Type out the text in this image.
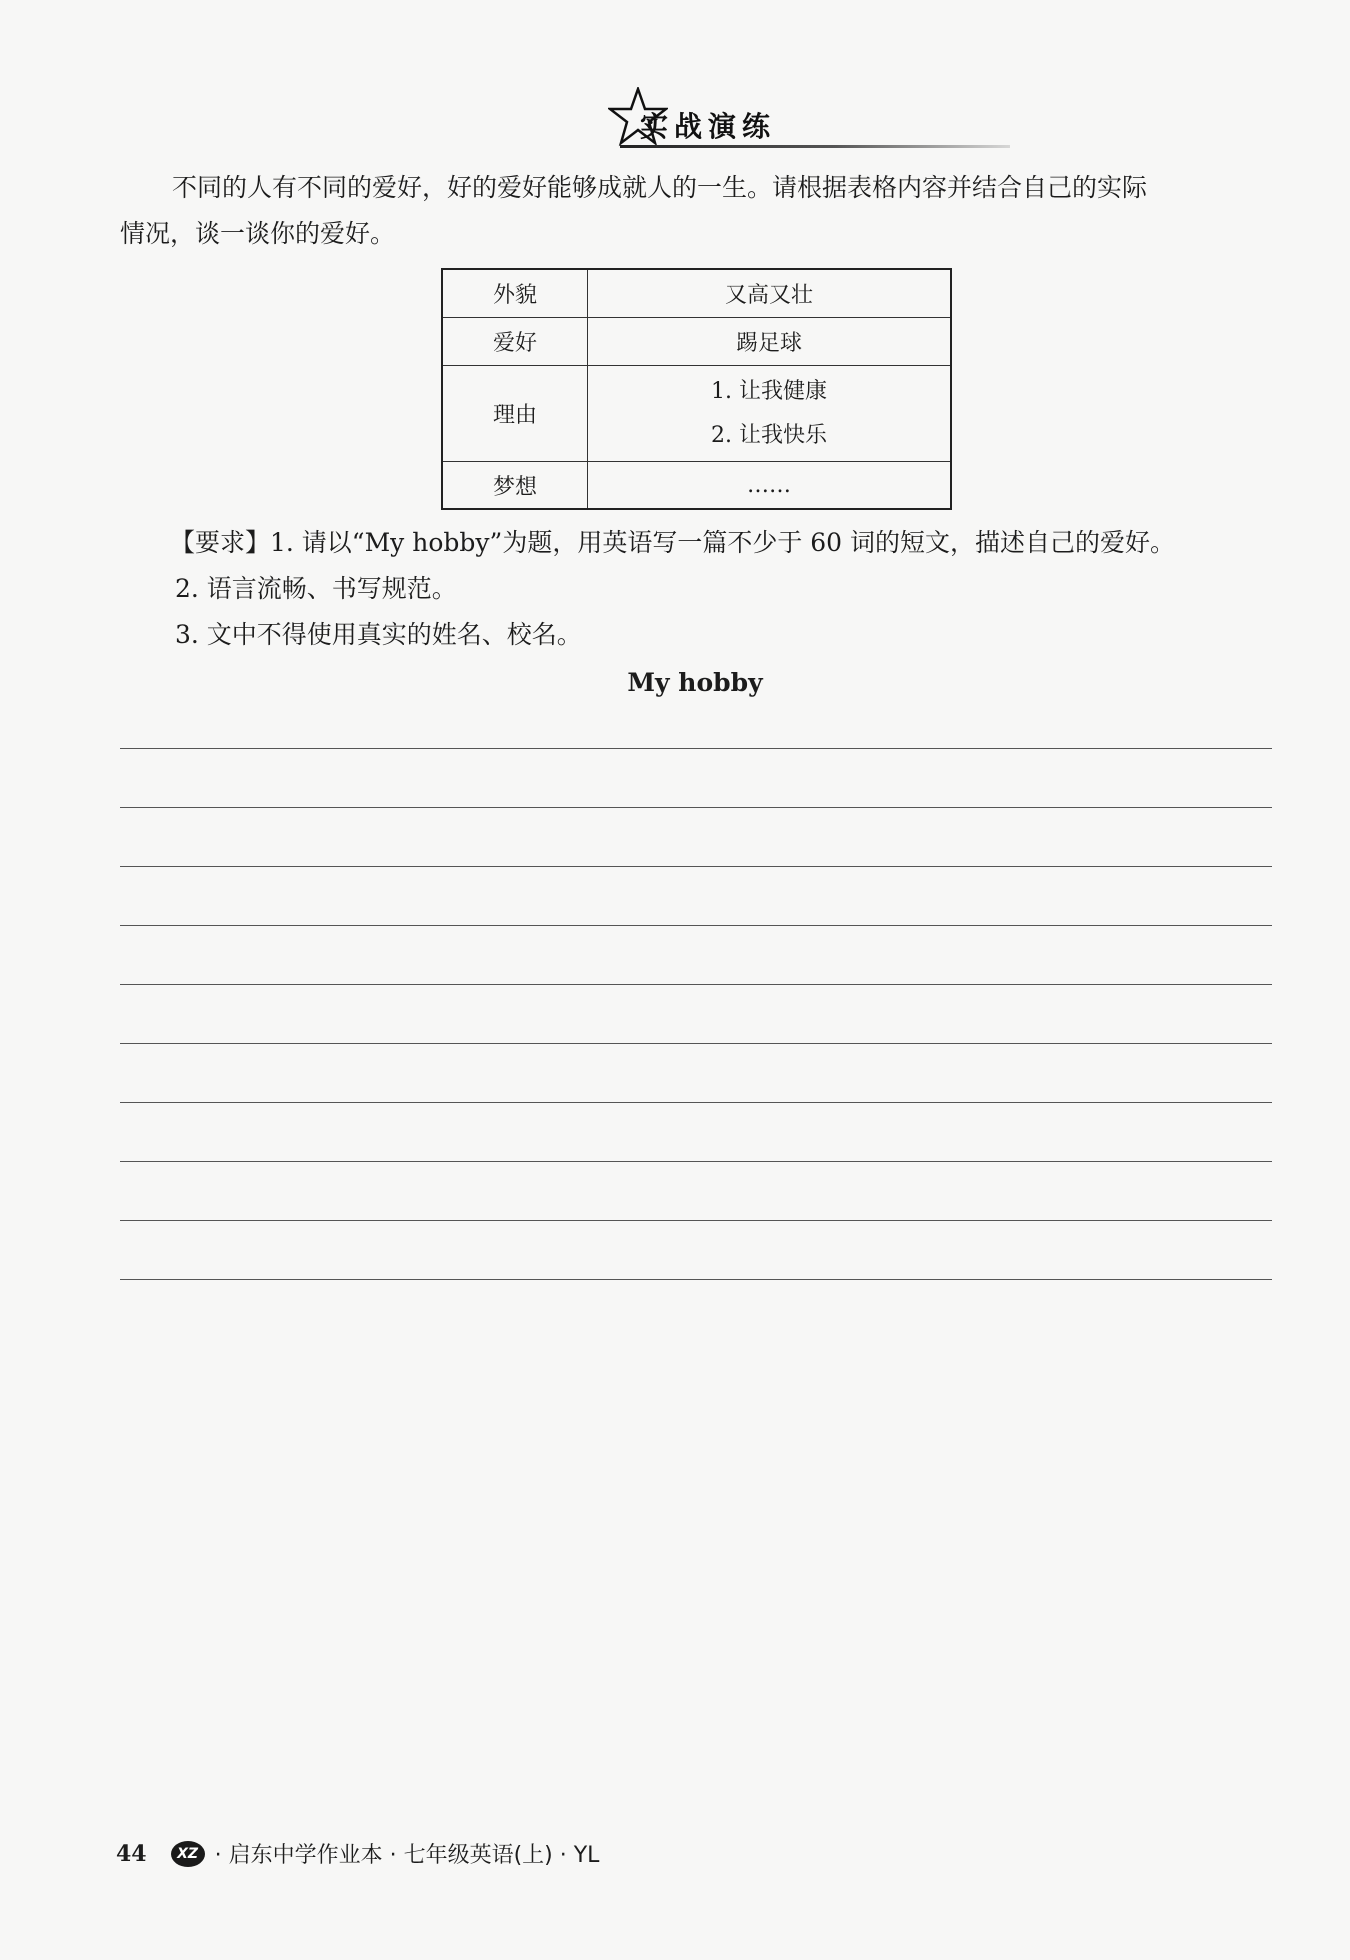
实战演练

不同的人有不同的爱好，好的爱好能够成就人的一生。请根据表格内容并结合自己的实际

情况，谈一谈你的爱好。
外貌	又高又壮
爱好	踢足球
理由	1. 让我健康
2. 让我快乐

梦想	……
【要求】1. 请以“My hobby”为题，用英语写一篇不少于 60 词的短文，描述自己的爱好。
2. 语言流畅、书写规范。
3. 文中不得使用真实的姓名、校名。
My hobby
44	XZ · 启东中学作业本 · 七年级英语(上) · YL
